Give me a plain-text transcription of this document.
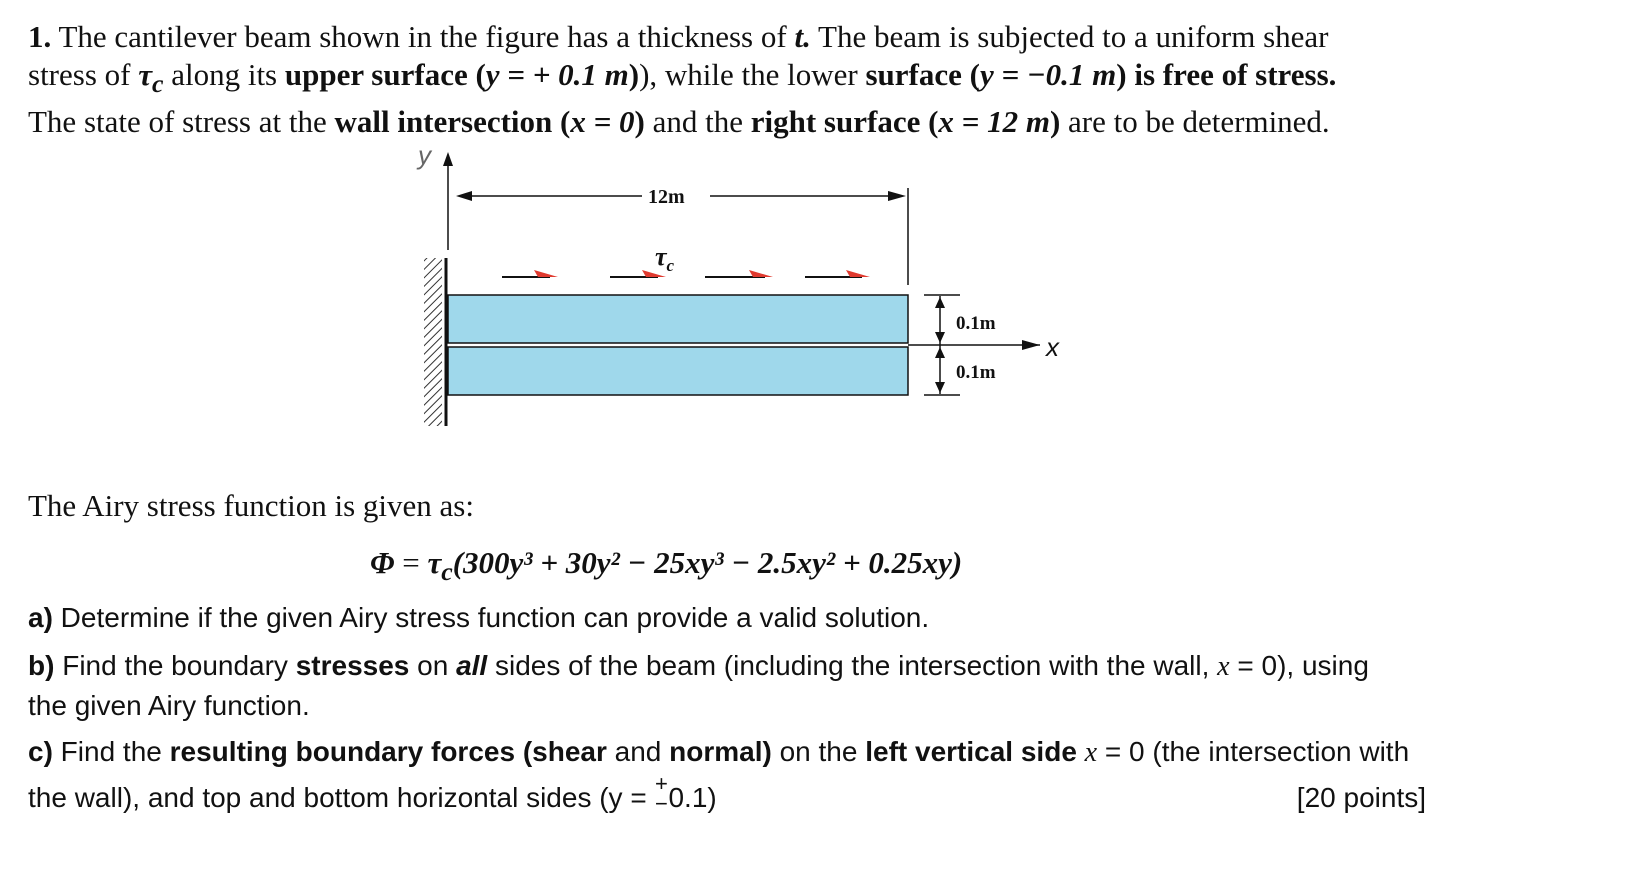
1. The cantilever beam shown in the figure has a thickness of t. The beam is subjected to a uniform shear
stress of $\tau_c$ along its upper surface (y = + 0.1 m)), while the lower surface (y = −0.1 m) is free of stress.
The state of stress at the wall intersection (x = 0) and the right surface (x = 12 m) are to be determined.
y
12m
$\tau_c$
x
0.1m
0.1m
The Airy stress function is given as:
$\Phi = \tau_c(300y^3 + 30y^2 - 25xy^3 - 2.5xy^2 + 0.25xy)$
a) Determine if the given Airy stress function can provide a valid solution.
b) Find the boundary stresses on all sides of the beam (including the intersection with the wall, x = 0), using
the given Airy function.
c) Find the resulting boundary forces (shear and normal) on the left vertical side x = 0 (the intersection with
the wall), and top and bottom horizontal sides (y = +
− 0.1)	[20 points]
